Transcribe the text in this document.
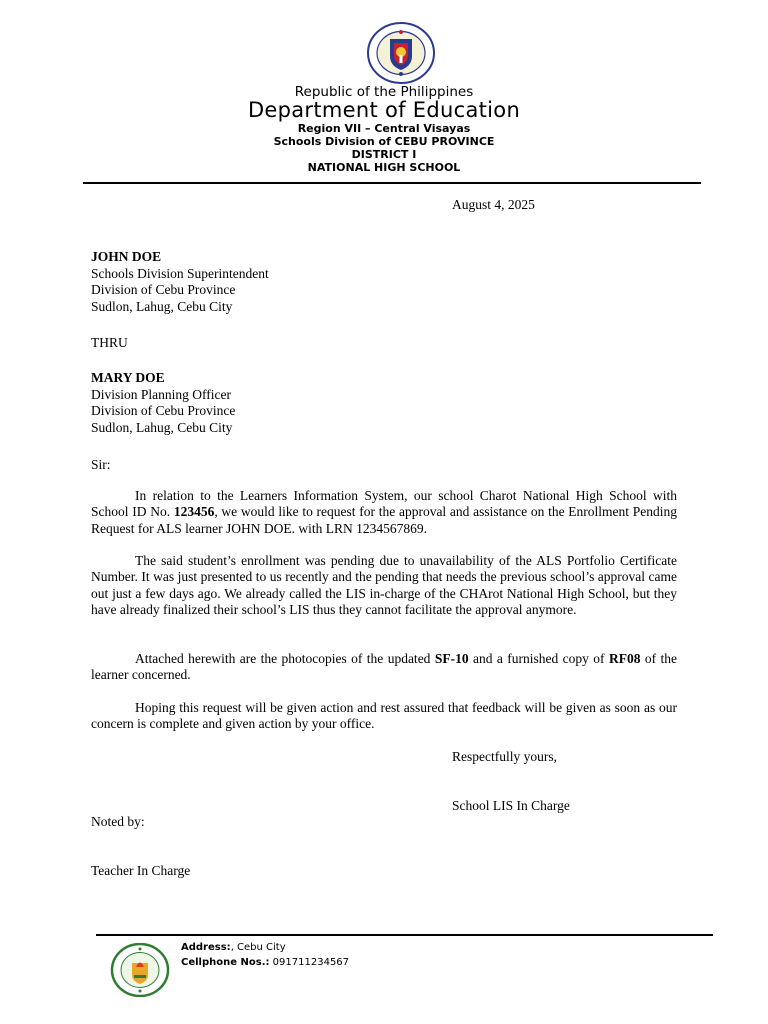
Republic of the Philippines
Department of Education
Region VII – Central Visayas
Schools Division of CEBU PROVINCE
DISTRICT I
NATIONAL HIGH SCHOOL
August 4, 2025
JOHN DOE
Schools Division Superintendent
Division of Cebu Province
Sudlon, Lahug, Cebu City
THRU
MARY DOE
Division Planning Officer
Division of Cebu Province
Sudlon, Lahug, Cebu City
Sir:
In relation to the Learners Information System, our school Charot National High School with School ID No. 123456, we would like to request for the approval and assistance on the Enrollment Pending Request for ALS learner JOHN DOE. with LRN 1234567869.
The said student’s enrollment was pending due to unavailability of the ALS Portfolio Certificate Number. It was just presented to us recently and the pending that needs the previous school’s approval came out just a few days ago. We already called the LIS in-charge of the CHArot National High School, but they have already finalized their school’s LIS thus they cannot facilitate the approval anymore.
Attached herewith are the photocopies of the updated SF-10 and a furnished copy of RF08 of the learner concerned.
Hoping this request will be given action and rest assured that feedback will be given as soon as our concern is complete and given action by your office.
Respectfully yours,
School LIS In Charge
Noted by:
Teacher In Charge
Address:, Cebu City
Cellphone Nos.: 091711234567
